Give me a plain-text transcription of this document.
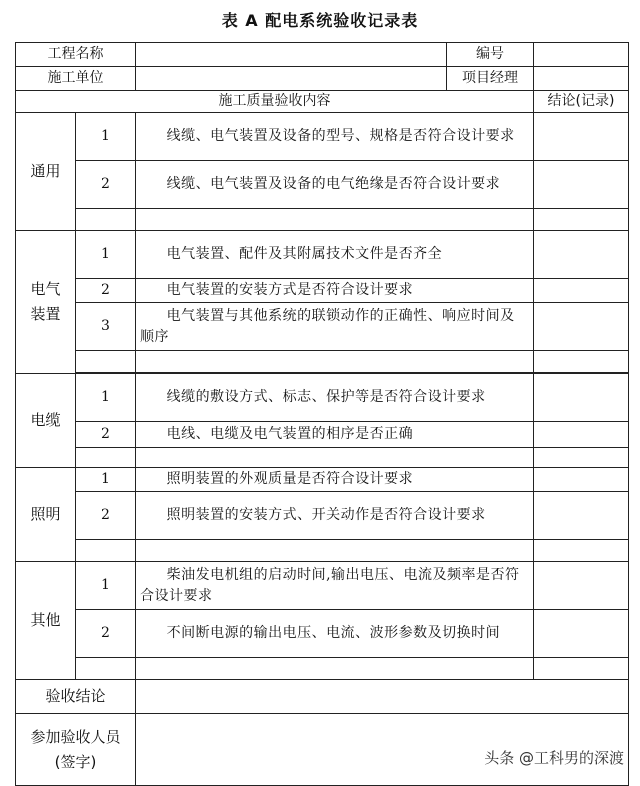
表 A 配电系统验收记录表
工程名称			编号	
施工单位			项目经理	
施工质量验收内容				结论(记录)
通用	1	线缆、电气装置及设备的型号、规格是否符合设计要求		
	2	线缆、电气装置及设备的电气绝缘是否符合设计要求		

电气
装置	1	电气装置、配件及其附属技术文件是否齐全		
	2	电气装置的安装方式是否符合设计要求		
	3	电气装置与其他系统的联锁动作的正确性、响应时间及顺序		

电缆	1	线缆的敷设方式、标志、保护等是否符合设计要求		
	2	电线、电缆及电气装置的相序是否正确		

照明	1	照明装置的外观质量是否符合设计要求		
	2	照明装置的安装方式、开关动作是否符合设计要求		

其他	1	柴油发电机组的启动时间,输出电压、电流及频率是否符合设计要求		
	2	不间断电源的输出电压、电流、波形参数及切换时间		

验收结论				
参加验收人员
(签字)					头条 @工科男的深渡
